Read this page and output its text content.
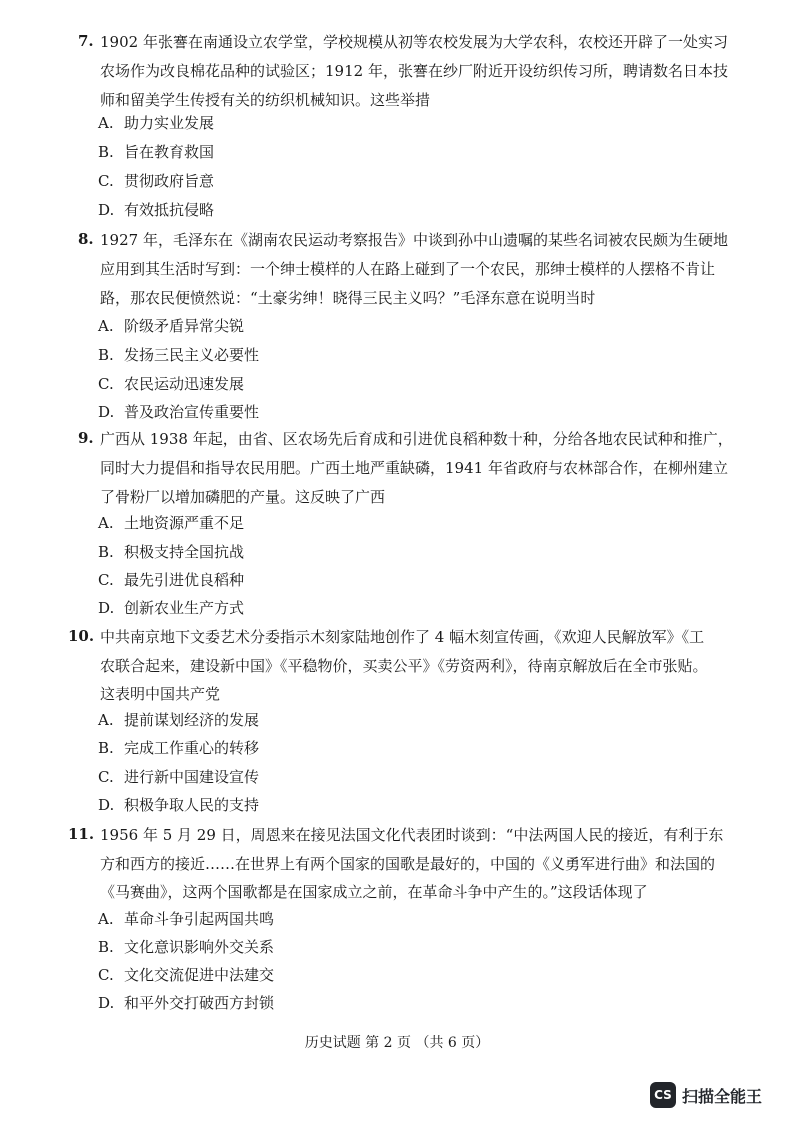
7. 1902 年张謇在南通设立农学堂，学校规模从初等农校发展为大学农科，农校还开辟了一处实习
农场作为改良棉花品种的试验区；1912 年，张謇在纱厂附近开设纺织传习所，聘请数名日本技
师和留美学生传授有关的纺织机械知识。这些举措
A. 助力实业发展
B. 旨在教育救国
C. 贯彻政府旨意
D. 有效抵抗侵略
8. 1927 年，毛泽东在《湖南农民运动考察报告》中谈到孙中山遗嘱的某些名词被农民颇为生硬地
应用到其生活时写到：一个绅士模样的人在路上碰到了一个农民，那绅士模样的人摆格不肯让
路，那农民便愤然说：“土豪劣绅！晓得三民主义吗？”毛泽东意在说明当时
A. 阶级矛盾异常尖锐
B. 发扬三民主义必要性
C. 农民运动迅速发展
D. 普及政治宣传重要性
9. 广西从 1938 年起，由省、区农场先后育成和引进优良稻种数十种，分给各地农民试种和推广，
同时大力提倡和指导农民用肥。广西土地严重缺磷，1941 年省政府与农林部合作，在柳州建立
了骨粉厂以增加磷肥的产量。这反映了广西
A. 土地资源严重不足
B. 积极支持全国抗战
C. 最先引进优良稻种
D. 创新农业生产方式
10. 中共南京地下文委艺术分委指示木刻家陆地创作了 4 幅木刻宣传画，《欢迎人民解放军》《工
农联合起来，建设新中国》《平稳物价，买卖公平》《劳资两利》，待南京解放后在全市张贴。
这表明中国共产党
A. 提前谋划经济的发展
B. 完成工作重心的转移
C. 进行新中国建设宣传
D. 积极争取人民的支持
11. 1956 年 5 月 29 日，周恩来在接见法国文化代表团时谈到：“中法两国人民的接近，有利于东
方和西方的接近……在世界上有两个国家的国歌是最好的，中国的《义勇军进行曲》和法国的
《马赛曲》，这两个国歌都是在国家成立之前，在革命斗争中产生的。”这段话体现了
A. 革命斗争引起两国共鸣
B. 文化意识影响外交关系
C. 文化交流促进中法建交
D. 和平外交打破西方封锁
历史试题 第 2 页 （共 6 页）
CS 扫描全能王
